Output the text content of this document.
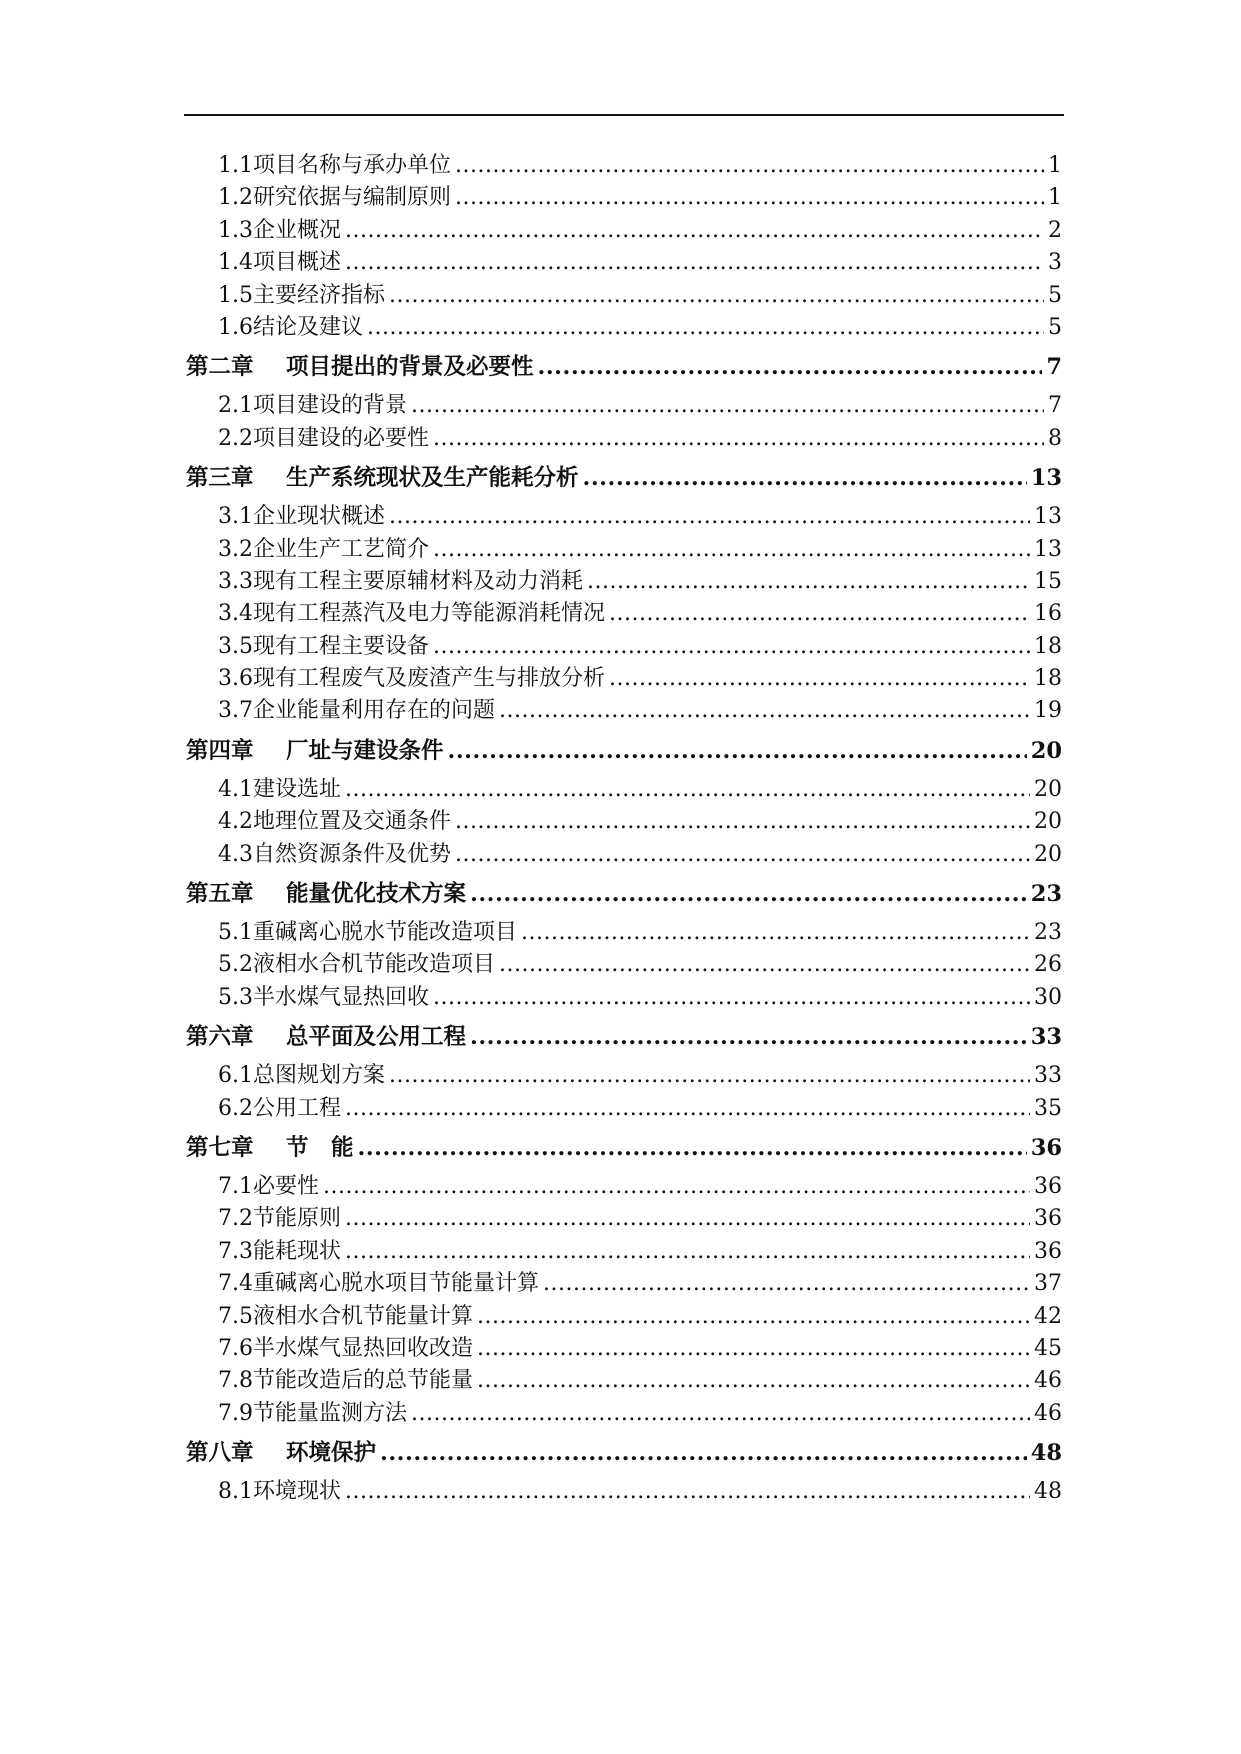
1.1 项目名称与承办单位 .....	1
1.2 研究依据与编制原则 .....	1
1.3 企业概况 .....	2
1.4 项目概述 .....	3
1.5 主要经济指标 .....	5
1.6 结论及建议 .....	5
第二章	项目提出的背景及必要性 .....	7
2.1 项目建设的背景 .....	7
2.2 项目建设的必要性 .....	8
第三章	生产系统现状及生产能耗分析 .....	13
3.1 企业现状概述 .....	13
3.2 企业生产工艺简介 .....	13
3.3 现有工程主要原辅材料及动力消耗 .....	15
3.4 现有工程蒸汽及电力等能源消耗情况 .....	16
3.5 现有工程主要设备 .....	18
3.6 现有工程废气及废渣产生与排放分析 .....	18
3.7 企业能量利用存在的问题 .....	19
第四章	厂址与建设条件 .....	20
4.1 建设选址 .....	20
4.2 地理位置及交通条件 .....	20
4.3 自然资源条件及优势 .....	20
第五章	能量优化技术方案 .....	23
5.1 重碱离心脱水节能改造项目 .....	23
5.2 液相水合机节能改造项目 .....	26
5.3 半水煤气显热回收 .....	30
第六章	总平面及公用工程 .....	33
6.1 总图规划方案 .....	33
6.2 公用工程 .....	35
第七章	节　能 .....	36
7.1 必要性 .....	36
7.2 节能原则 .....	36
7.3 能耗现状 .....	36
7.4 重碱离心脱水项目节能量计算 .....	37
7.5 液相水合机节能量计算 .....	42
7.6 半水煤气显热回收改造 .....	45
7.8 节能改造后的总节能量 .....	46
7.9 节能量监测方法 .....	46
第八章	环境保护 .....	48
8.1 环境现状 .....	48
